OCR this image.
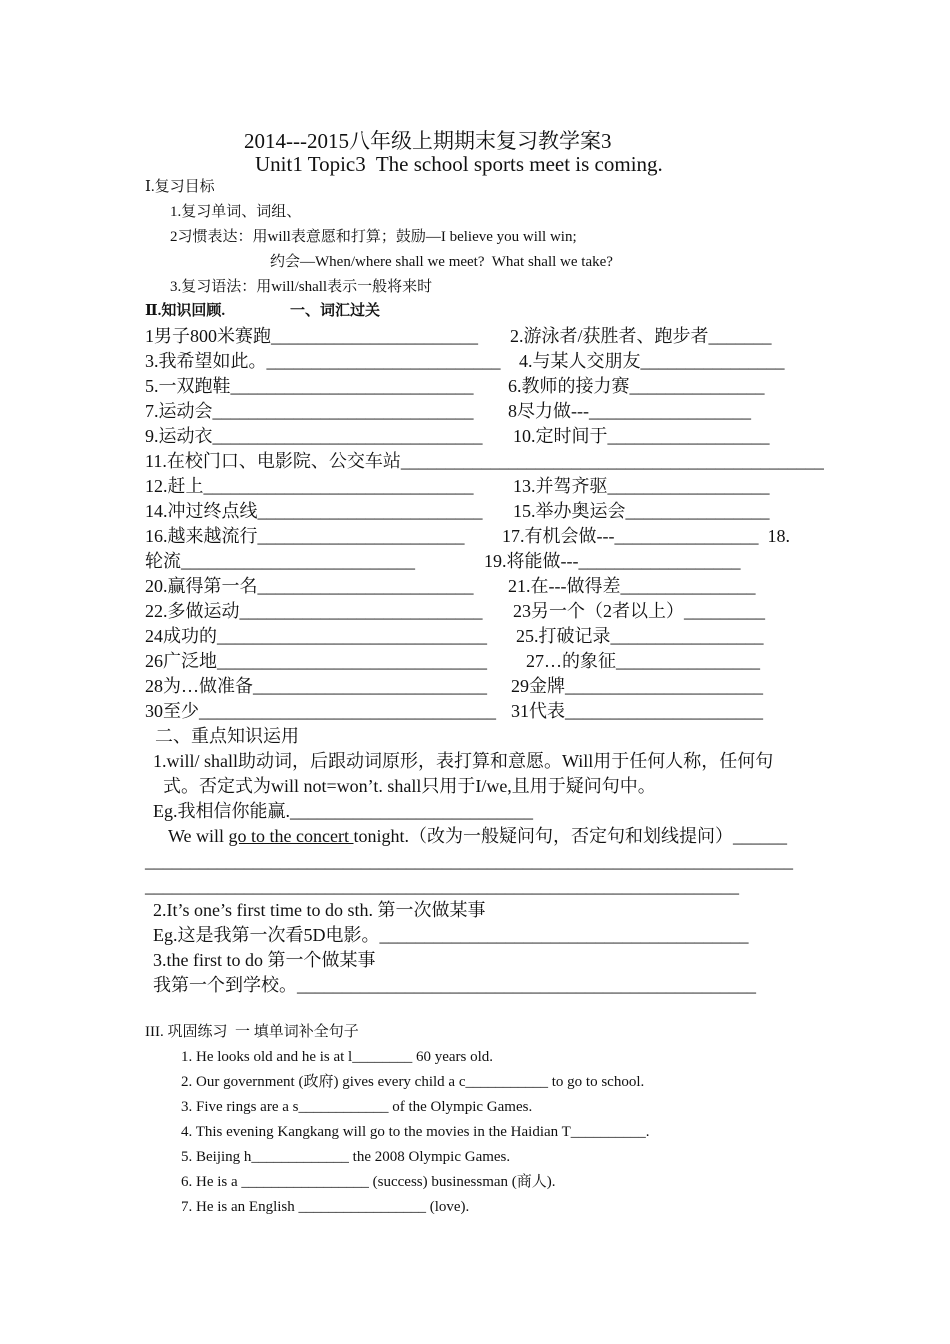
2014---2015八年级上期期末复习教学案3
Unit1 Topic3  The school sports meet is coming.
Ⅰ.复习目标
1.复习单词、词组、
2习惯表达：用will表意愿和打算；鼓励—I believe you will win;
约会—When/where shall we meet?  What shall we take?
3.复习语法：用will/shall表示一般将来时
Ⅱ.知识回顾.	一、词汇过关
1男子800米赛跑_______________________ 2.游泳者/获胜者、跑步者_______
3.我希望如此。__________________________ 4.与某人交朋友________________
5.一双跑鞋___________________________ 6.教师的接力赛_______________
7.运动会_____________________________ 8尽力做---__________________
9.运动衣______________________________ 10.定时间于__________________
11.在校门口、电影院、公交车站_______________________________________________
12.赶上______________________________ 13.并驾齐驱__________________
14.冲过终点线_________________________ 15.举办奥运会________________
16.越来越流行_______________________ 17.有机会做---________________  18.
轮流__________________________	19.将能做---__________________
20.赢得第一名________________________ 21.在---做得差_______________
22.多做运动___________________________ 23另一个（2者以上）_________
24成功的______________________________ 25.打破记录_________________
26广泛地______________________________ 27…的象征________________
28为…做准备__________________________ 29金牌______________________
30至少_________________________________ 31代表______________________
二、重点知识运用
1.will/ shall助动词，后跟动词原形，表打算和意愿。Will用于任何人称，任何句
式。否定式为will not=won’t. shall只用于I/we,且用于疑问句中。
Eg.我相信你能赢.___________________________
We will go to the concert tonight.（改为一般疑问句，否定句和划线提问）______
________________________________________________________________________
__________________________________________________________________
2.It’s one’s first time to do sth. 第一次做某事
Eg.这是我第一次看5D电影。_________________________________________
3.the first to do 第一个做某事
我第一个到学校。___________________________________________________
III. 巩固练习  一 填单词补全句子
1. He looks old and he is at l________ 60 years old.
2. Our government (政府) gives every child a c___________ to go to school.
3. Five rings are a s____________ of the Olympic Games.
4. This evening Kangkang will go to the movies in the Haidian T__________.
5. Beijing h_____________ the 2008 Olympic Games.
6. He is a _________________ (success) businessman (商人).
7. He is an English _________________ (love).
